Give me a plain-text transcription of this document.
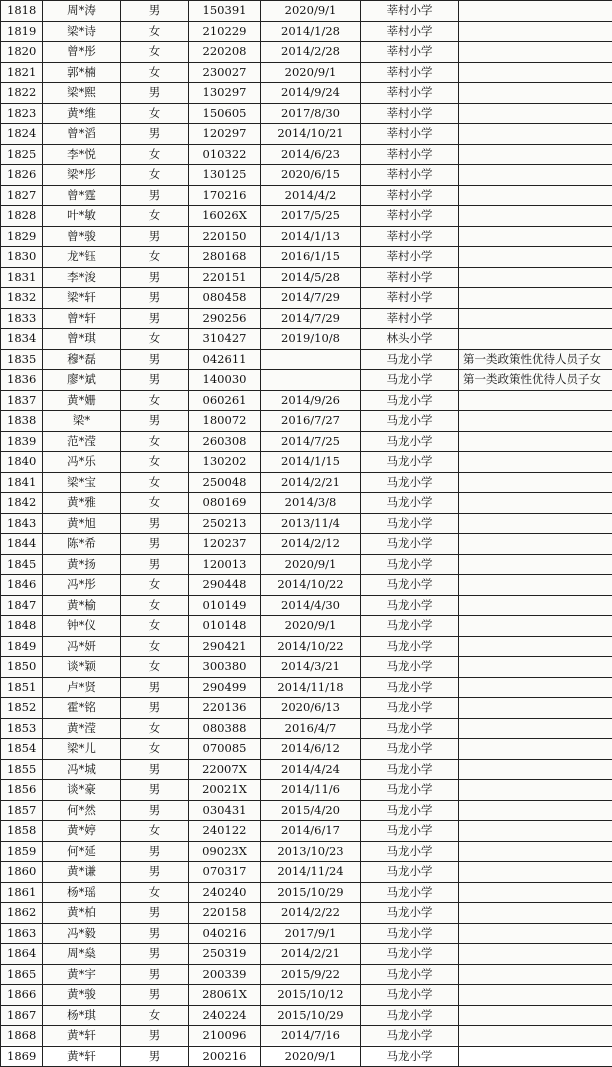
1818	周*涛	男	150391	2020/9/1	莘村小学	
1819	梁*诗	女	210229	2014/1/28	莘村小学	
1820	曾*彤	女	220208	2014/2/28	莘村小学	
1821	郭*楠	女	230027	2020/9/1	莘村小学	
1822	梁*熙	男	130297	2014/9/24	莘村小学	
1823	黄*维	女	150605	2017/8/30	莘村小学	
1824	曾*滔	男	120297	2014/10/21	莘村小学	
1825	李*悦	女	010322	2014/6/23	莘村小学	
1826	梁*彤	女	130125	2020/6/15	莘村小学	
1827	曾*霆	男	170216	2014/4/2	莘村小学	
1828	叶*敏	女	16026X	2017/5/25	莘村小学	
1829	曾*骏	男	220150	2014/1/13	莘村小学	
1830	龙*钰	女	280168	2016/1/15	莘村小学	
1831	李*浚	男	220151	2014/5/28	莘村小学	
1832	梁*轩	男	080458	2014/7/29	莘村小学	
1833	曾*轩	男	290256	2014/7/29	莘村小学	
1834	曾*琪	女	310427	2019/10/8	林头小学	
1835	穆*磊	男	042611		马龙小学	第一类政策性优待人员子女
1836	廖*斌	男	140030		马龙小学	第一类政策性优待人员子女
1837	黄*姗	女	060261	2014/9/26	马龙小学	
1838	梁*	男	180072	2016/7/27	马龙小学	
1839	范*滢	女	260308	2014/7/25	马龙小学	
1840	冯*乐	女	130202	2014/1/15	马龙小学	
1841	梁*宝	女	250048	2014/2/21	马龙小学	
1842	黄*雅	女	080169	2014/3/8	马龙小学	
1843	黄*旭	男	250213	2013/11/4	马龙小学	
1844	陈*希	男	120237	2014/2/12	马龙小学	
1845	黄*扬	男	120013	2020/9/1	马龙小学	
1846	冯*彤	女	290448	2014/10/22	马龙小学	
1847	黄*榆	女	010149	2014/4/30	马龙小学	
1848	钟*仪	女	010148	2020/9/1	马龙小学	
1849	冯*妍	女	290421	2014/10/22	马龙小学	
1850	谈*颖	女	300380	2014/3/21	马龙小学	
1851	卢*贤	男	290499	2014/11/18	马龙小学	
1852	霍*铭	男	220136	2020/6/13	马龙小学	
1853	黄*滢	女	080388	2016/4/7	马龙小学	
1854	梁*儿	女	070085	2014/6/12	马龙小学	
1855	冯*城	男	22007X	2014/4/24	马龙小学	
1856	谈*豪	男	20021X	2014/11/6	马龙小学	
1857	何*然	男	030431	2015/4/20	马龙小学	
1858	黄*婷	女	240122	2014/6/17	马龙小学	
1859	何*延	男	09023X	2013/10/23	马龙小学	
1860	黄*谦	男	070317	2014/11/24	马龙小学	
1861	杨*瑶	女	240240	2015/10/29	马龙小学	
1862	黄*柏	男	220158	2014/2/22	马龙小学	
1863	冯*毅	男	040216	2017/9/1	马龙小学	
1864	周*燊	男	250319	2014/2/21	马龙小学	
1865	黄*宇	男	200339	2015/9/22	马龙小学	
1866	黄*骏	男	28061X	2015/10/12	马龙小学	
1867	杨*琪	女	240224	2015/10/29	马龙小学	
1868	黄*轩	男	210096	2014/7/16	马龙小学	
1869	黄*轩	男	200216	2020/9/1	马龙小学	
